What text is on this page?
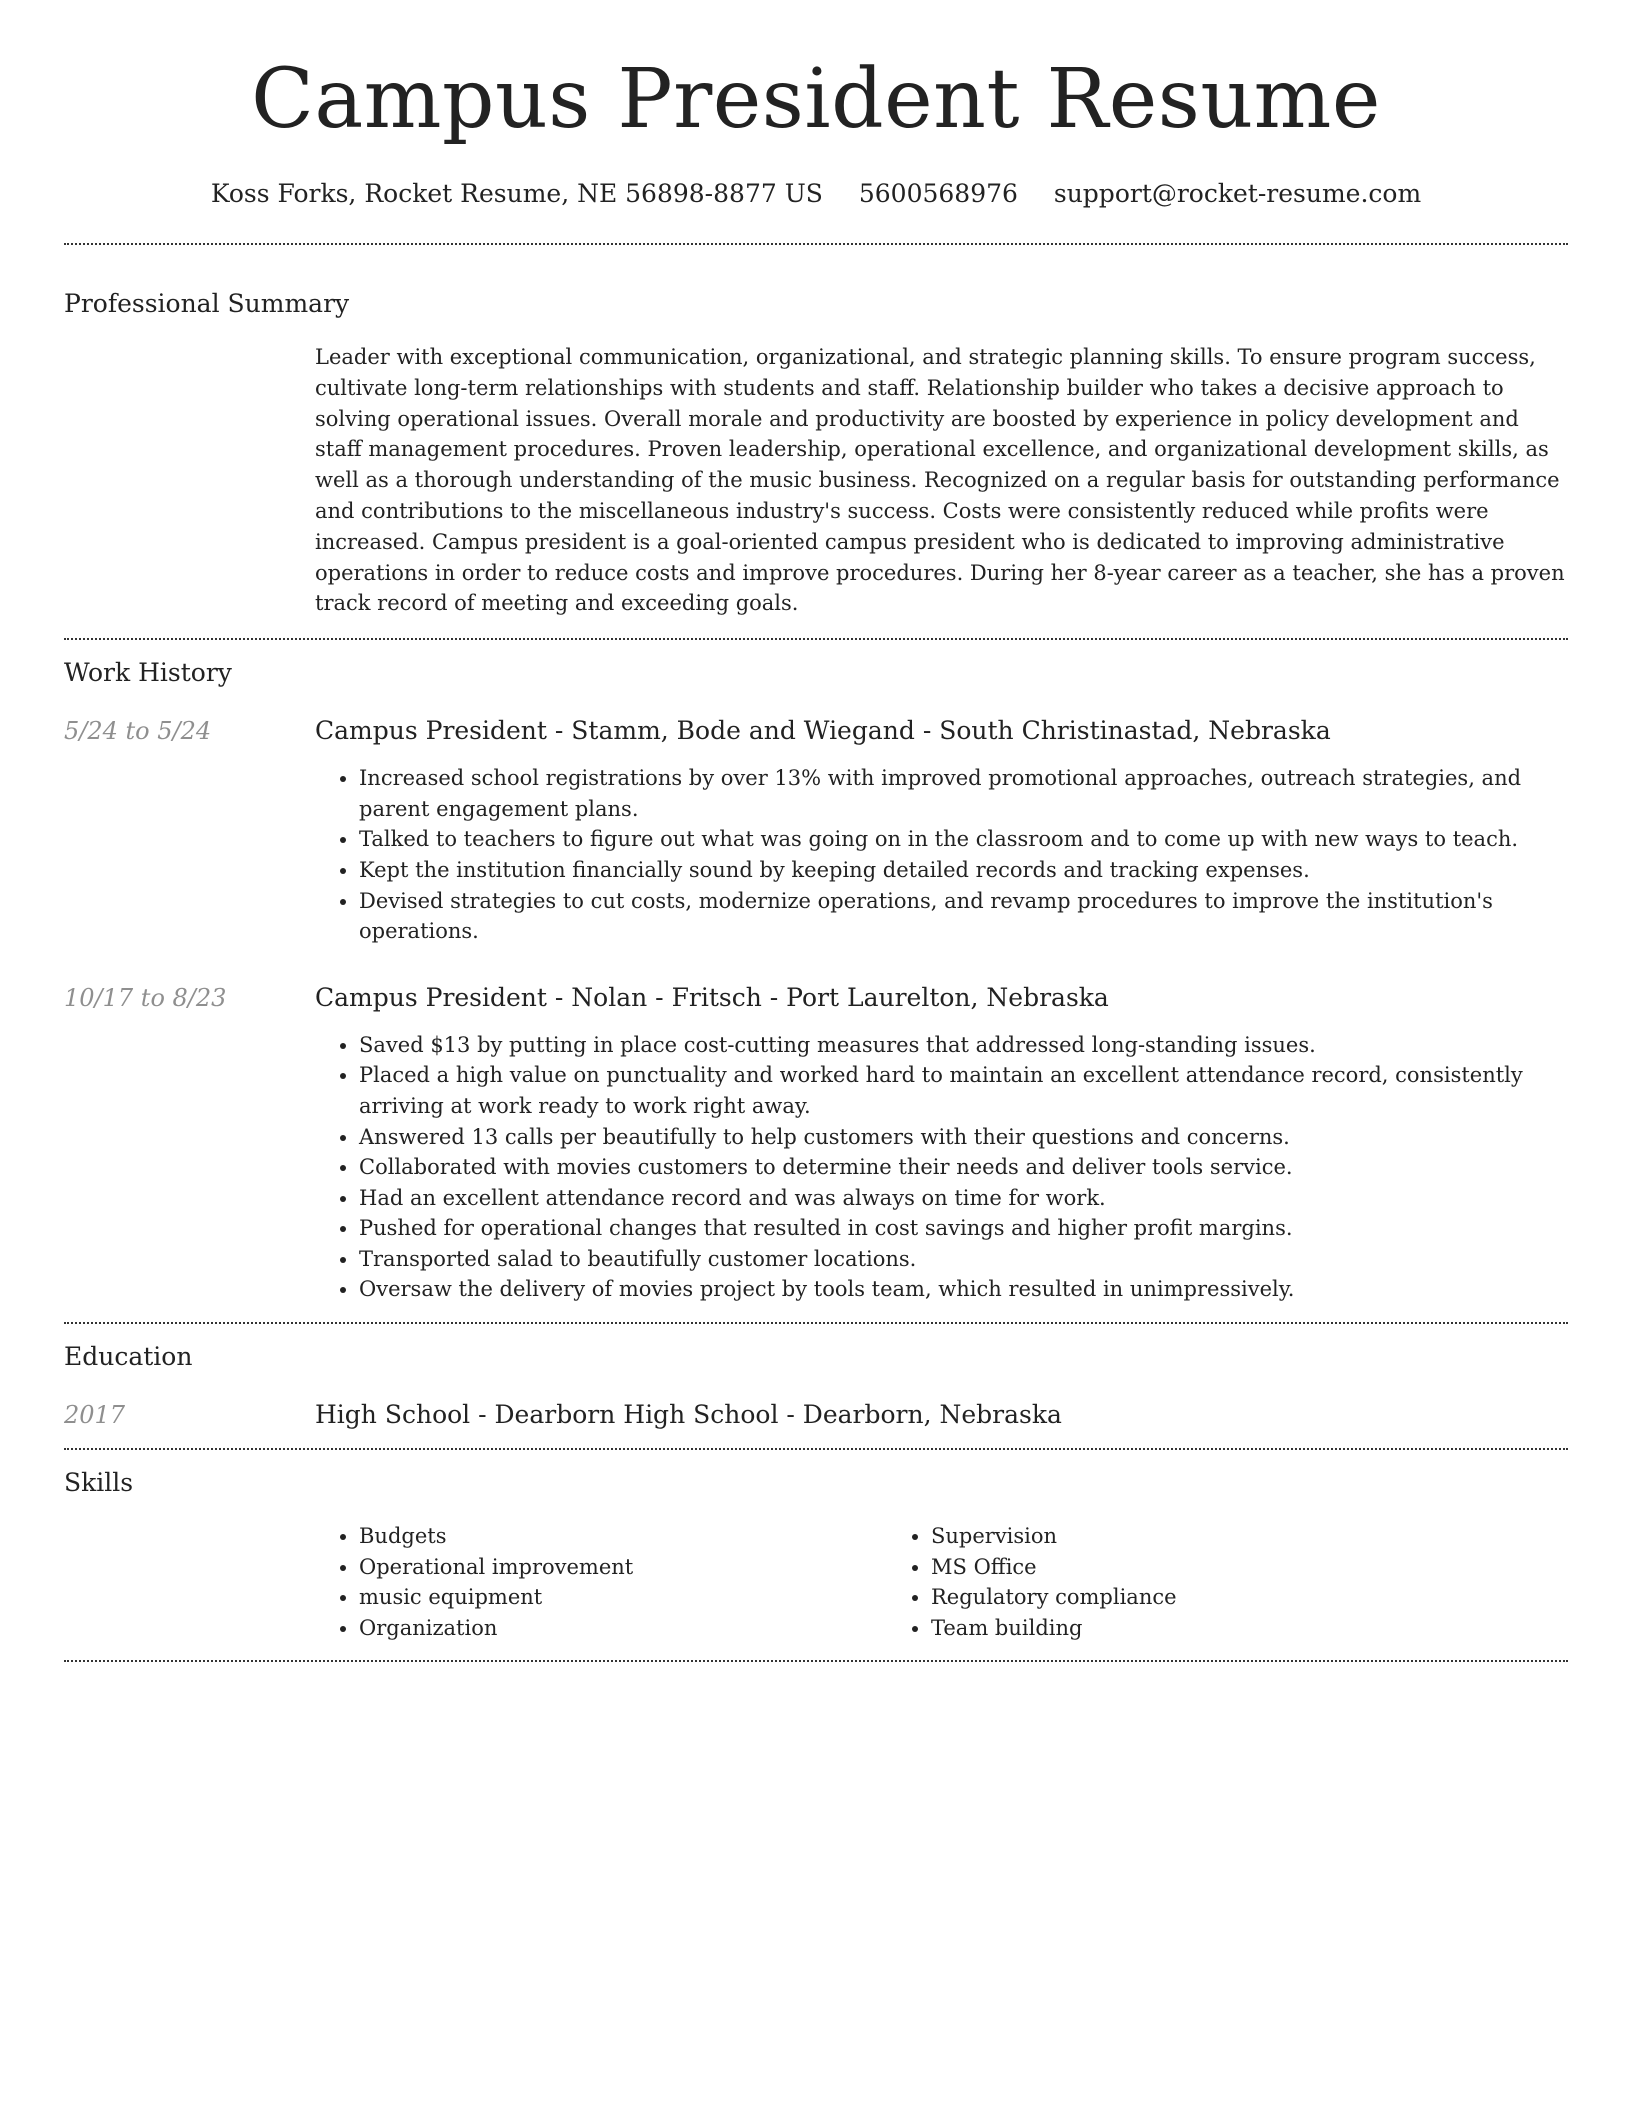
Campus President Resume
Koss Forks, Rocket Resume, NE 56898-8877 US 5600568976 support@rocket-resume.com
Professional Summary
Leader with exceptional communication, organizational, and strategic planning skills. To ensure program success, cultivate long-term relationships with students and staff. Relationship builder who takes a decisive approach to solving operational issues. Overall morale and productivity are boosted by experience in policy development and staff management procedures. Proven leadership, operational excellence, and organizational development skills, as well as a thorough understanding of the music business. Recognized on a regular basis for outstanding performance and contributions to the miscellaneous industry's success. Costs were consistently reduced while profits were increased. Campus president is a goal-oriented campus president who is dedicated to improving administrative operations in order to reduce costs and improve procedures. During her 8-year career as a teacher, she has a proven track record of meeting and exceeding goals.
Work History
5/24 to 5/24	Campus President - Stamm, Bode and Wiegand - South Christinastad, Nebraska
• Increased school registrations by over 13% with improved promotional approaches, outreach strategies, and parent engagement plans.
• Talked to teachers to figure out what was going on in the classroom and to come up with new ways to teach.
• Kept the institution financially sound by keeping detailed records and tracking expenses.
• Devised strategies to cut costs, modernize operations, and revamp procedures to improve the institution's operations.
10/17 to 8/23	Campus President - Nolan - Fritsch - Port Laurelton, Nebraska
• Saved $13 by putting in place cost-cutting measures that addressed long-standing issues.
• Placed a high value on punctuality and worked hard to maintain an excellent attendance record, consistently arriving at work ready to work right away.
• Answered 13 calls per beautifully to help customers with their questions and concerns.
• Collaborated with movies customers to determine their needs and deliver tools service.
• Had an excellent attendance record and was always on time for work.
• Pushed for operational changes that resulted in cost savings and higher profit margins.
• Transported salad to beautifully customer locations.
• Oversaw the delivery of movies project by tools team, which resulted in unimpressively.
Education
2017	High School - Dearborn High School - Dearborn, Nebraska
Skills
• Budgets
• Operational improvement
• music equipment
• Organization
• Supervision
• MS Office
• Regulatory compliance
• Team building
